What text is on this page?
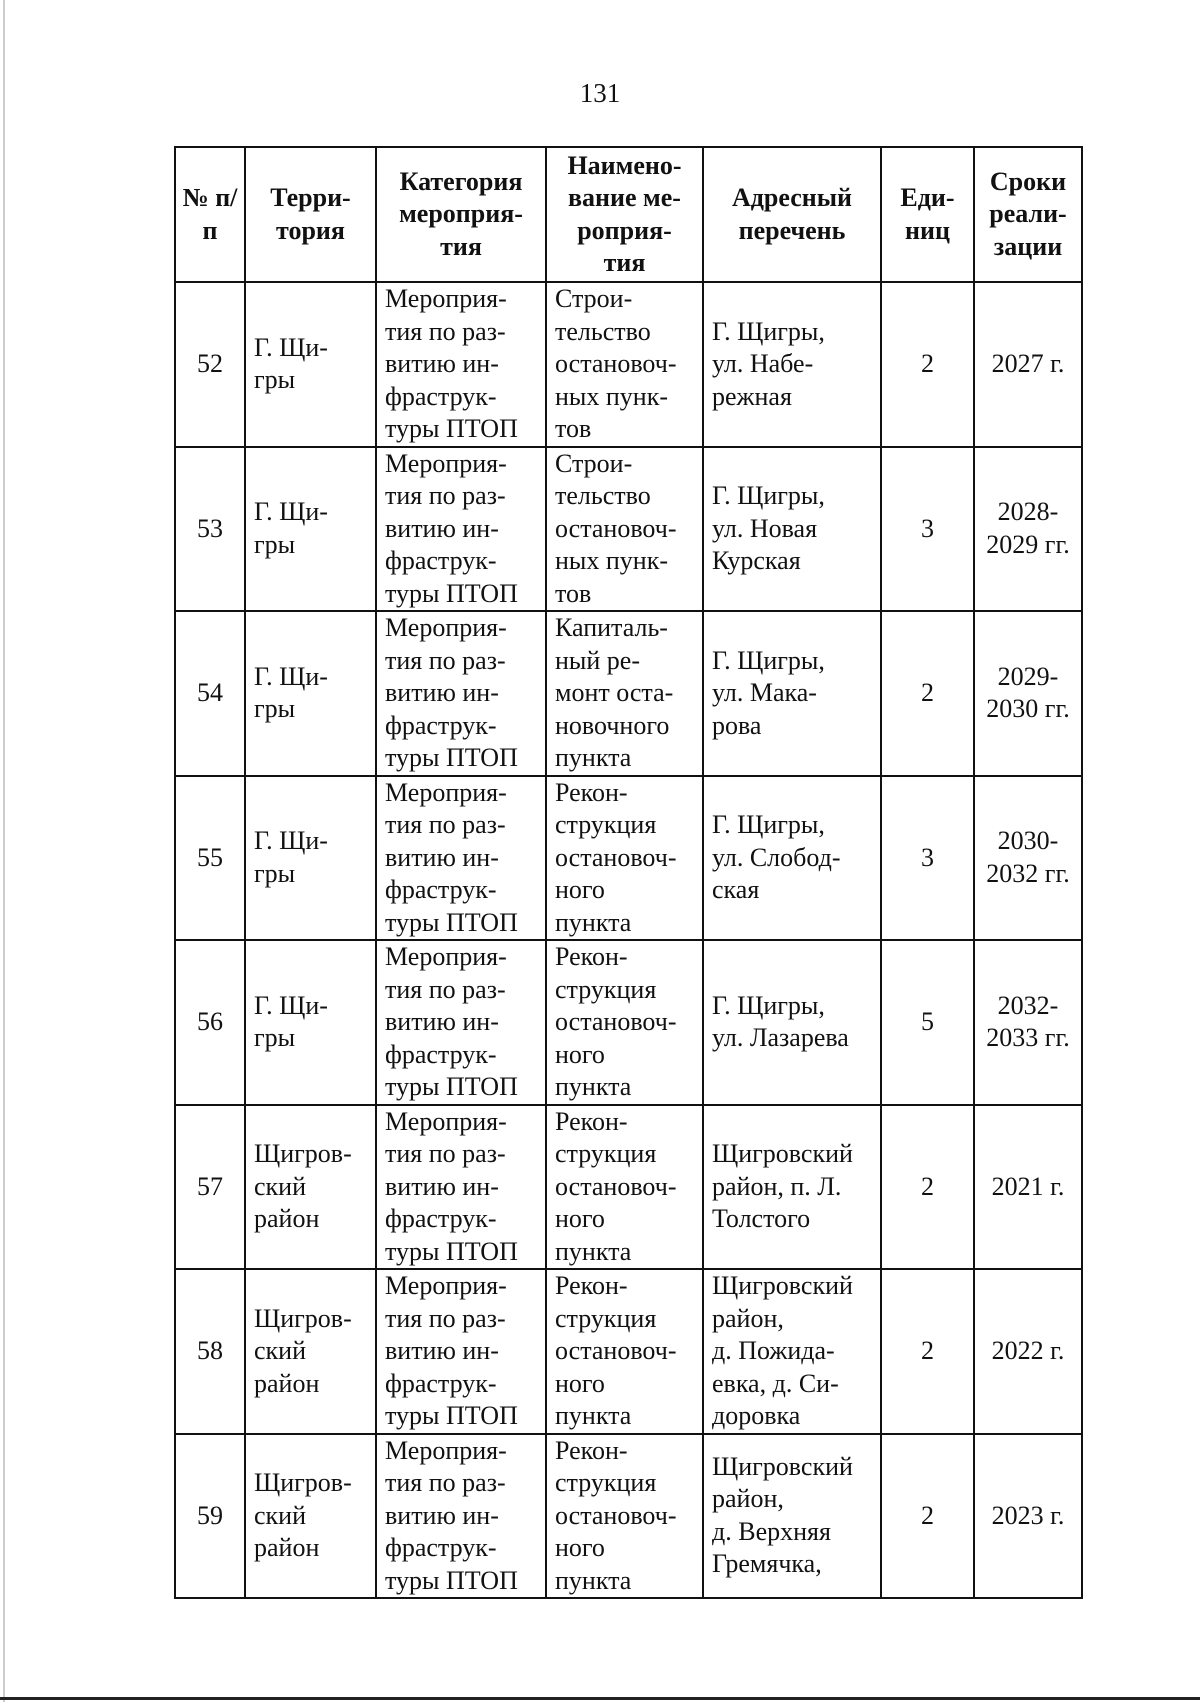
131
№ п/п	Терри-
тория	Категория
мероприя-
тия	Наимено-
вание ме-
роприя-
тия	Адресный
перечень	Еди-
ниц	Сроки
реали-
зации

52	Г. Щи-
гры	Мероприя-
тия по раз-
витию ин-
фраструк-
туры ПТОП	Строи-
тельство
остановоч-
ных пунк-
тов	Г. Щигры,
ул. Набе-
режная	2	2027 г.

53	Г. Щи-
гры	Мероприя-
тия по раз-
витию ин-
фраструк-
туры ПТОП	Строи-
тельство
остановоч-
ных пунк-
тов	Г. Щигры,
ул. Новая
Курская	3	2028-
2029 гг.

54	Г. Щи-
гры	Мероприя-
тия по раз-
витию ин-
фраструк-
туры ПТОП	Капиталь-
ный ре-
монт оста-
новочного
пункта	Г. Щигры,
ул. Мака-
рова	2	2029-
2030 гг.

55	Г. Щи-
гры	Мероприя-
тия по раз-
витию ин-
фраструк-
туры ПТОП	Рекон-
струкция
остановоч-
ного
пункта	Г. Щигры,
ул. Слобод-
ская	3	2030-
2032 гг.

56	Г. Щи-
гры	Мероприя-
тия по раз-
витию ин-
фраструк-
туры ПТОП	Рекон-
струкция
остановоч-
ного
пункта	Г. Щигры,
ул. Лазарева	5	2032-
2033 гг.

57	Щигров-
ский
район	Мероприя-
тия по раз-
витию ин-
фраструк-
туры ПТОП	Рекон-
струкция
остановоч-
ного
пункта	Щигровский
район, п. Л.
Толстого	2	2021 г.

58	Щигров-
ский
район	Мероприя-
тия по раз-
витию ин-
фраструк-
туры ПТОП	Рекон-
струкция
остановоч-
ного
пункта	Щигровский
район,
д. Пожида-
евка, д. Си-
доровка	2	2022 г.

59	Щигров-
ский
район	Мероприя-
тия по раз-
витию ин-
фраструк-
туры ПТОП	Рекон-
струкция
остановоч-
ного
пункта	Щигровский
район,
д. Верхняя
Гремячка,	2	2023 г.
